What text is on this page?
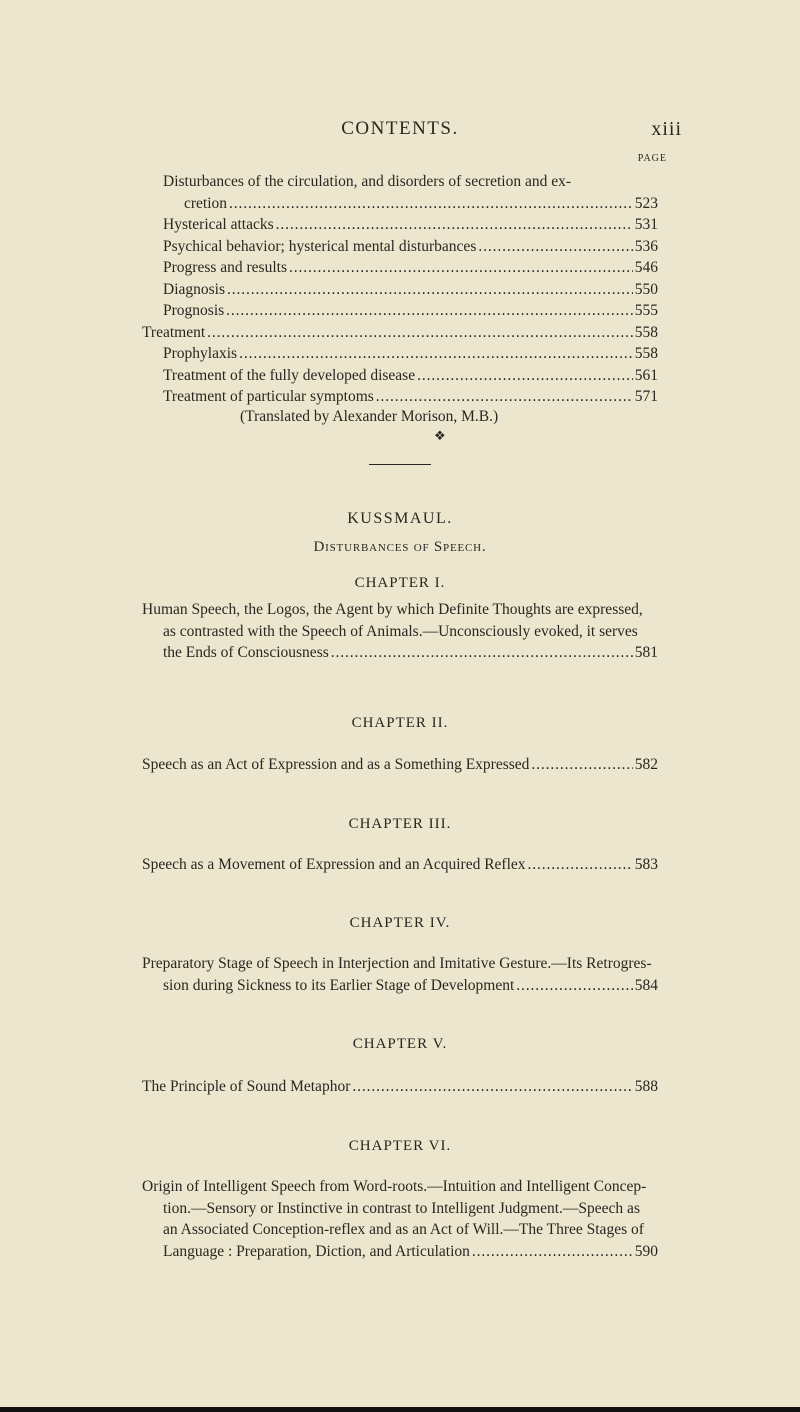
CONTENTS.	xiii
PAGE
Disturbances of the circulation, and disorders of secretion and ex-
cretion . . .	523
Hysterical attacks . . .	531
Psychical behavior; hysterical mental disturbances . . .	536
Progress and results . . .	546
Diagnosis . . .	550
Prognosis . . .	555
Treatment . . .	558
Prophylaxis . . .	558
Treatment of the fully developed disease . . .	561
Treatment of particular symptoms . . .	571
(Translated by Alexander Morison, M.B.)
❖
KUSSMAUL.
Disturbances of Speech.
CHAPTER I.
Human Speech, the Logos, the Agent by which Definite Thoughts are expressed,
as contrasted with the Speech of Animals.—Unconsciously evoked, it serves
the Ends of Consciousness . . .	581
CHAPTER II.
Speech as an Act of Expression and as a Something Expressed . . .	582
CHAPTER III.
Speech as a Movement of Expression and an Acquired Reflex . . .	583
CHAPTER IV.
Preparatory Stage of Speech in Interjection and Imitative Gesture.—Its Retrogres-
sion during Sickness to its Earlier Stage of Development . . .	584
CHAPTER V.
The Principle of Sound Metaphor . . .	588
CHAPTER VI.
Origin of Intelligent Speech from Word-roots.—Intuition and Intelligent Concep-
tion.—Sensory or Instinctive in contrast to Intelligent Judgment.—Speech as
an Associated Conception-reflex and as an Act of Will.—The Three Stages of
Language : Preparation, Diction, and Articulation . . .	590
